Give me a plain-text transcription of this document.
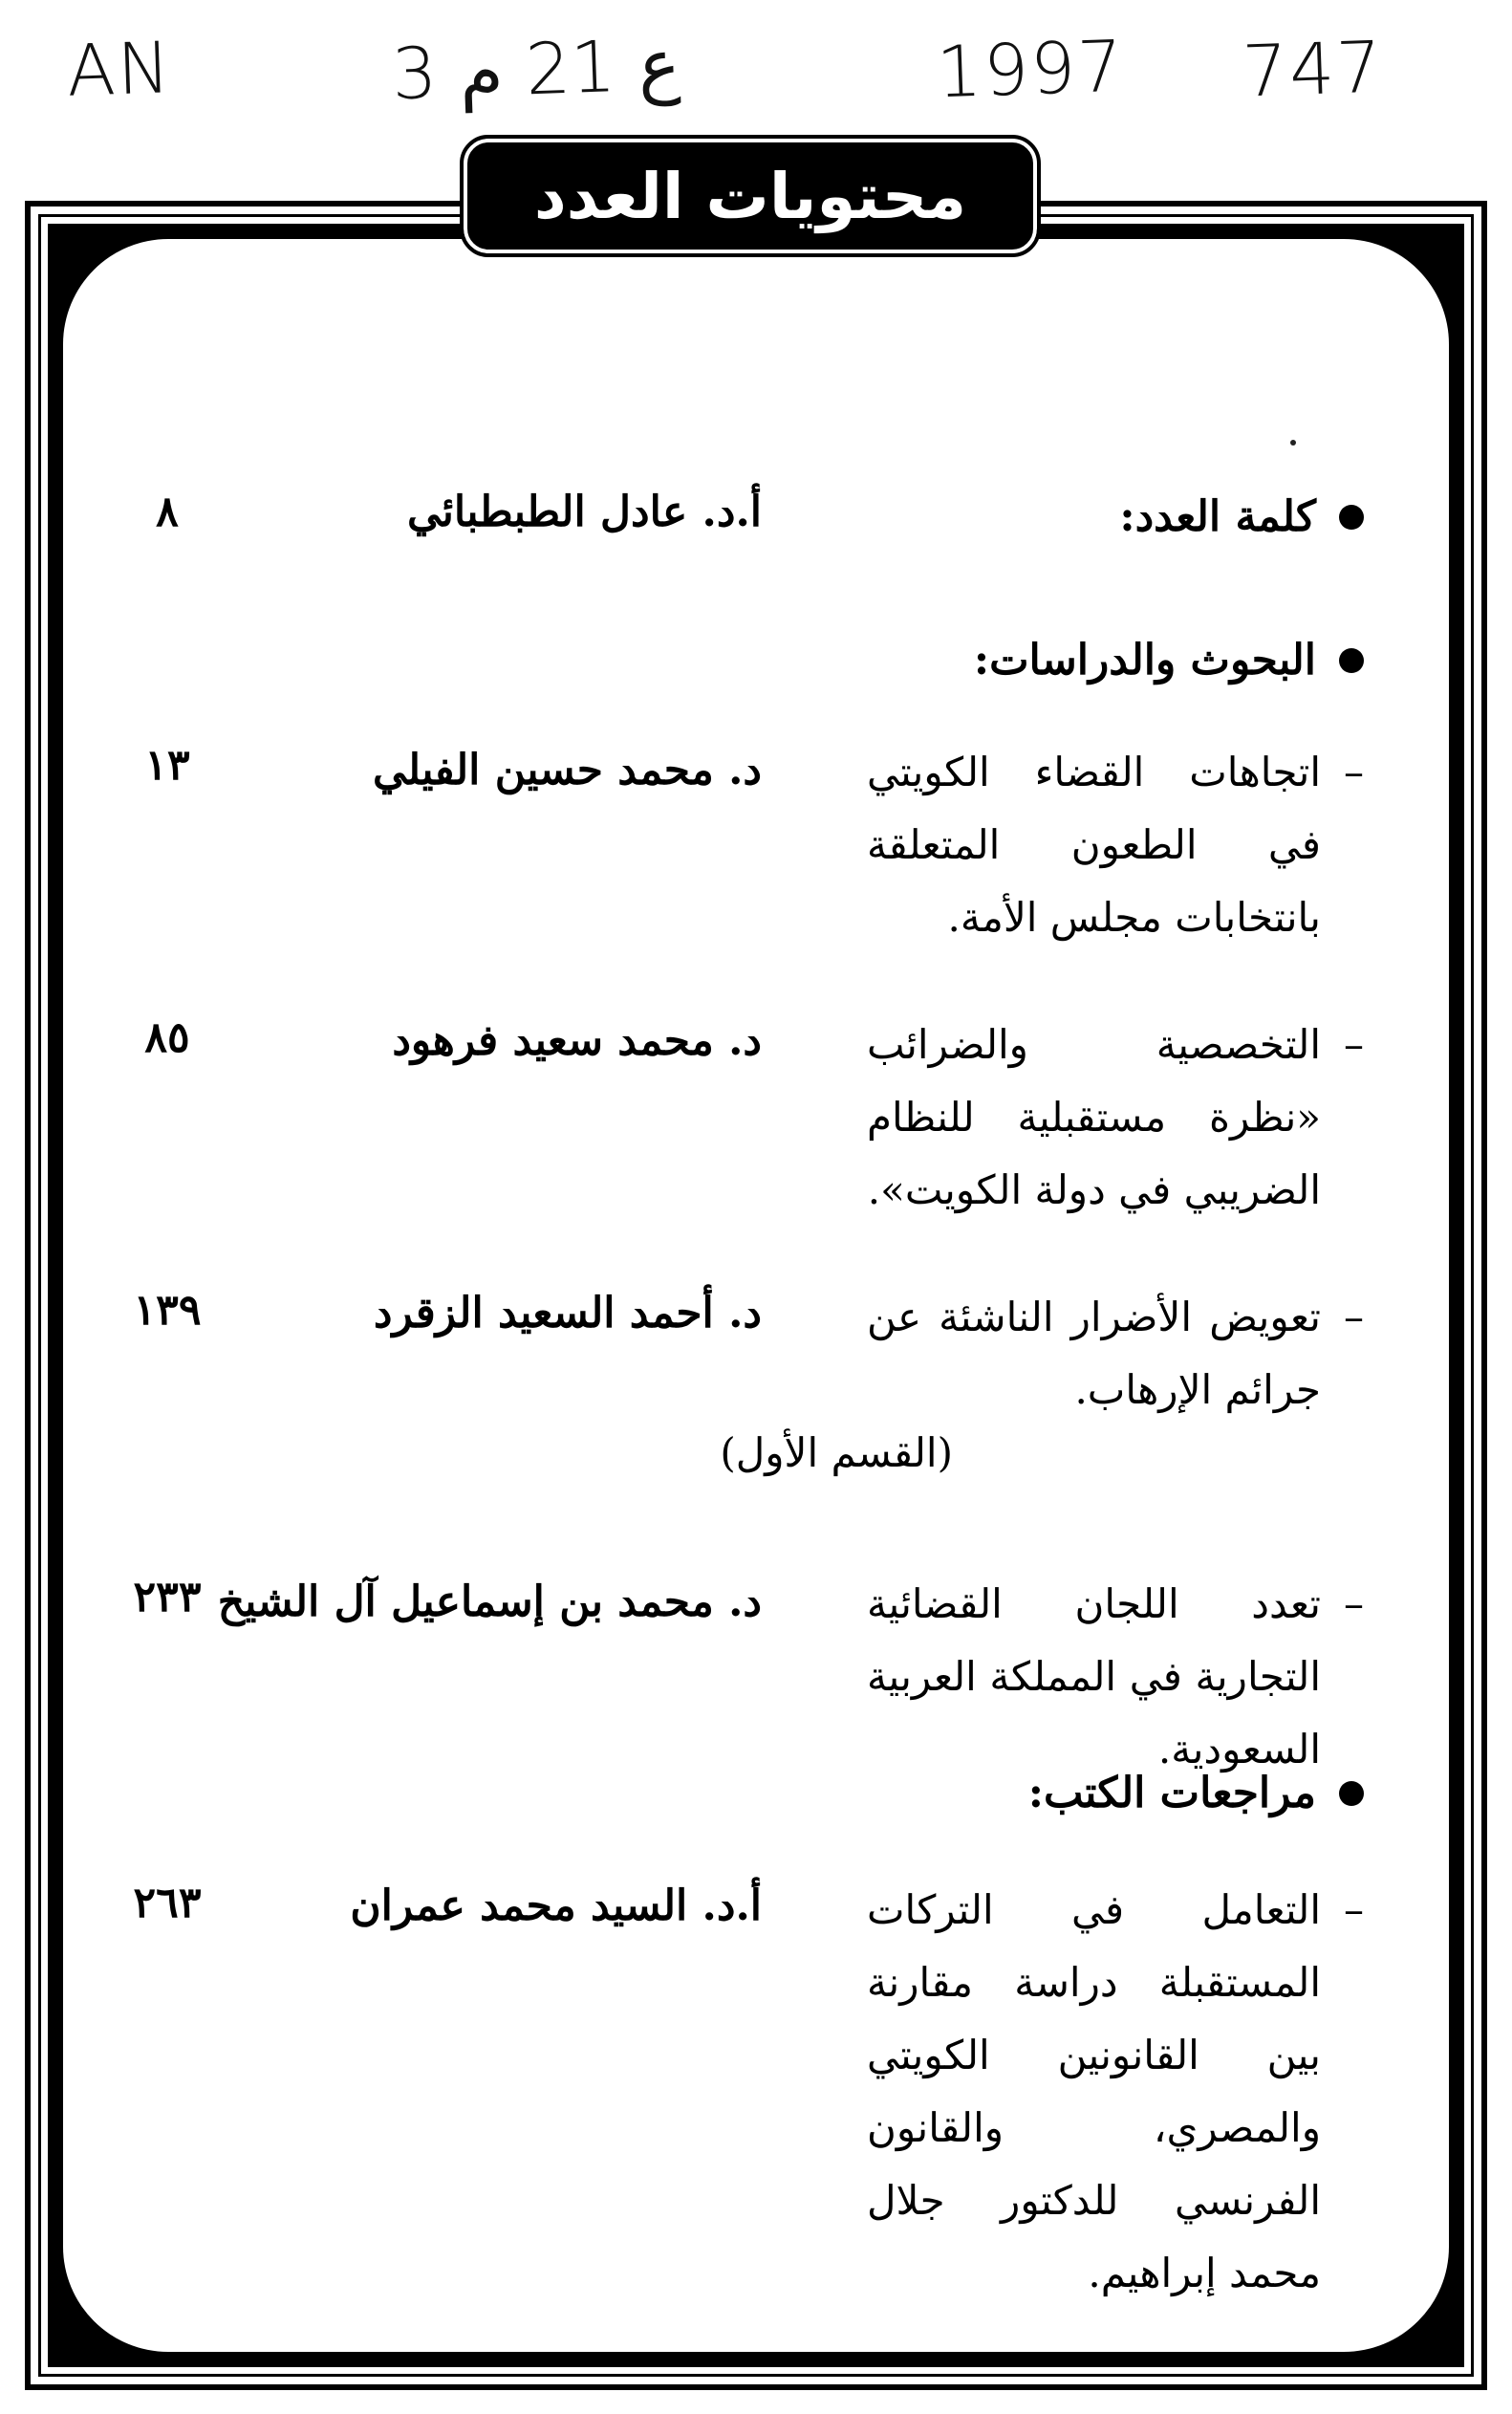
AN	3 ع 21 م	1997 747
محتويات العدد
كلمة العدد:
أ.د. عادل الطبطبائي
٨
البحوث والدراسات:
–
اتجاهات القضاء الكويتي في الطعون المتعلقة بانتخابات مجلس الأمة.
د. محمد حسين الفيلي
١٣
–
التخصصية والضرائب «نظرة مستقبلية للنظام الضريبي في دولة الكويت».
د. محمد سعيد فرهود
٨٥
–
تعويض الأضرار الناشئة عن جرائم الإرهاب.
د. أحمد السعيد الزقرد
١٣٩
(القسم الأول)
–
تعدد اللجان القضائية التجارية في المملكة العربية السعودية.
د. محمد بن إسماعيل آل الشيخ
٢٣٣
مراجعات الكتب:
–
التعامل في التركات المستقبلة دراسة مقارنة بين القانونين الكويتي والمصري، والقانون الفرنسي للدكتور جلال محمد إبراهيم.
أ.د. السيد محمد عمران
٢٦٣
